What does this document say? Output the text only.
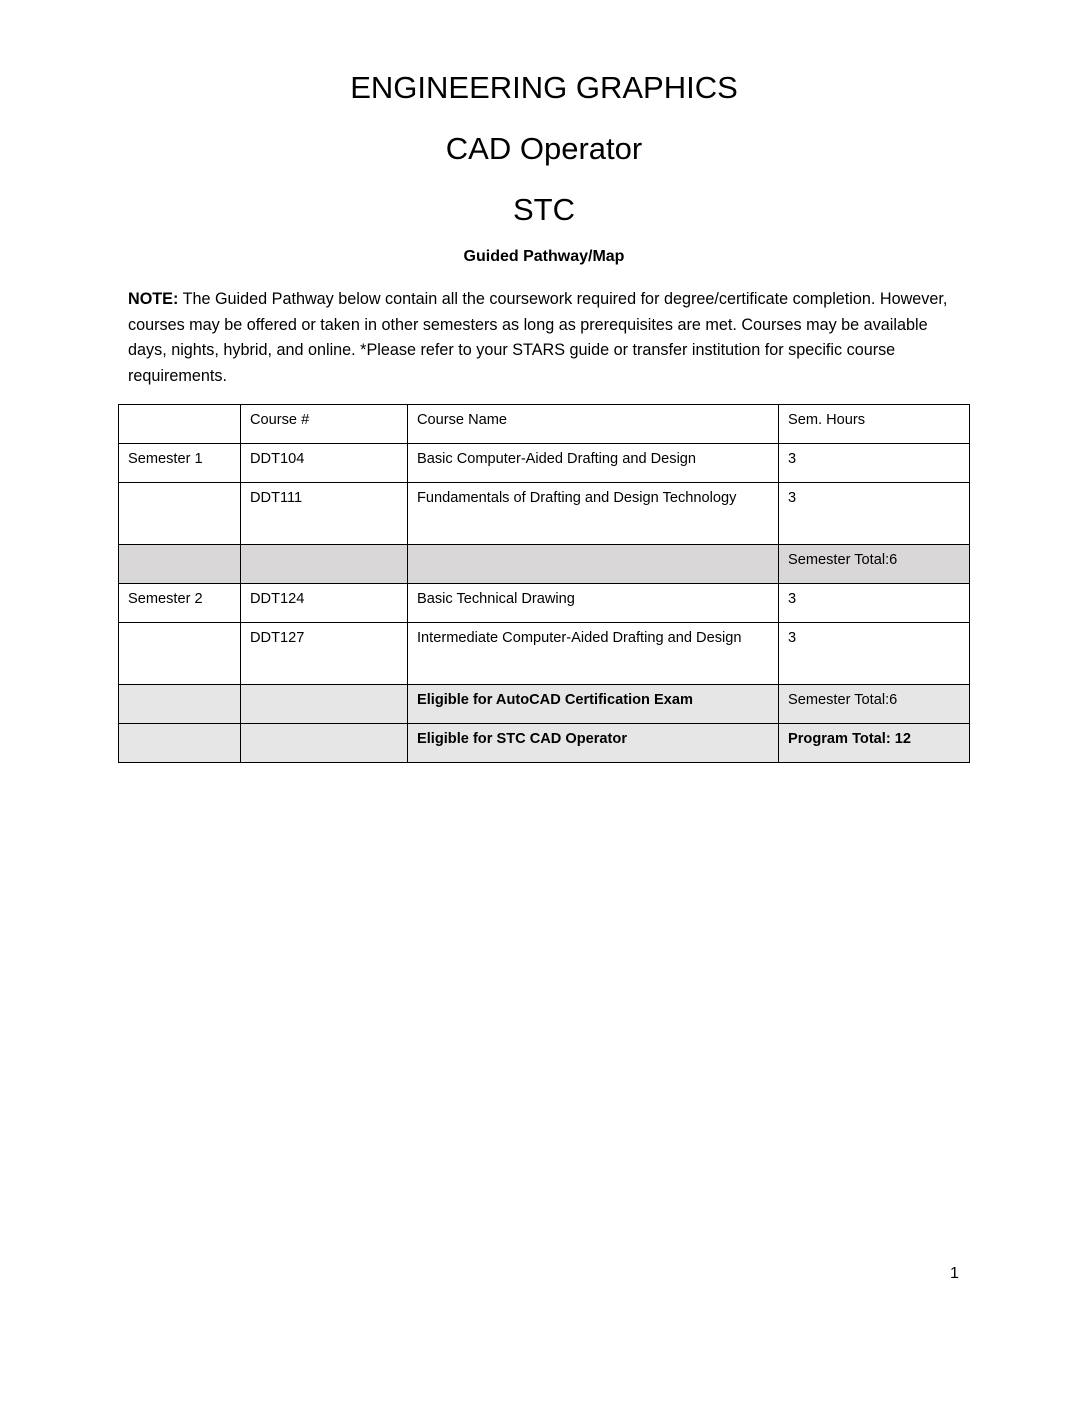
ENGINEERING GRAPHICS
CAD Operator
STC
Guided Pathway/Map
NOTE: The Guided Pathway below contain all the coursework required for degree/certificate completion. However, courses may be offered or taken in other semesters as long as prerequisites are met. Courses may be available days, nights, hybrid, and online. *Please refer to your STARS guide or transfer institution for specific course requirements.
	Course #	Course Name	Sem. Hours
Semester 1	DDT104	Basic Computer-Aided Drafting and Design	3
	DDT111	Fundamentals of Drafting and Design Technology	3
			Semester Total:6
Semester 2	DDT124	Basic Technical Drawing	3
	DDT127	Intermediate Computer-Aided Drafting and Design	3
		Eligible for AutoCAD Certification Exam	Semester Total:6
		Eligible for STC CAD Operator	Program Total: 12
1
